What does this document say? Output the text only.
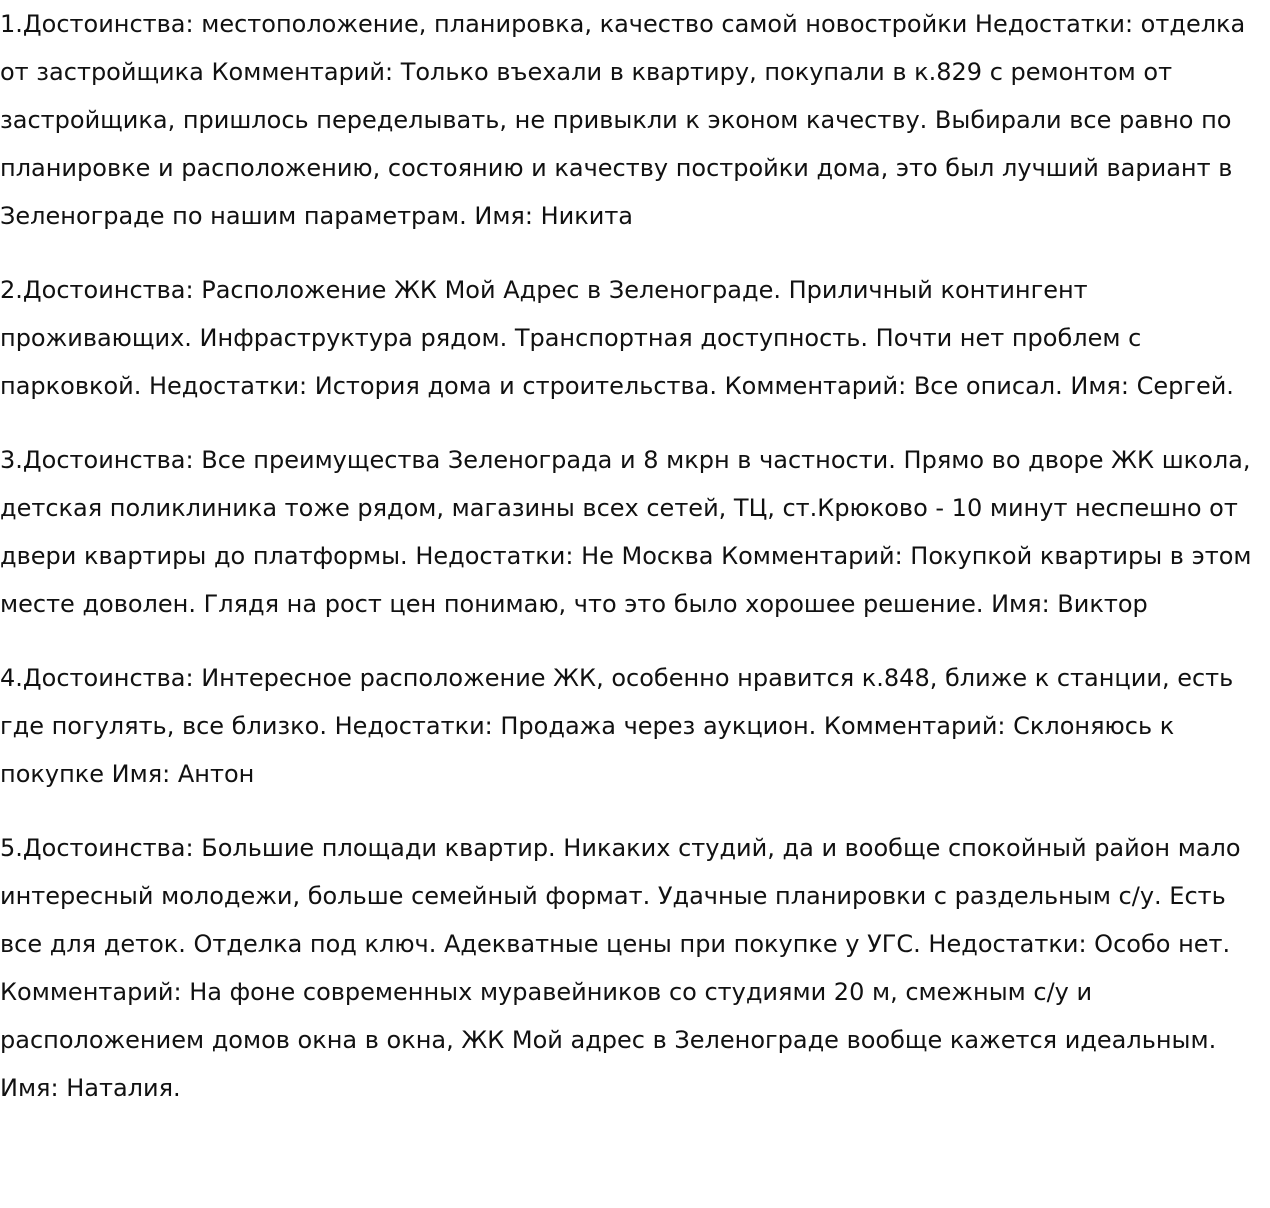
1.Достоинства: местоположение, планировка, качество самой новостройки Недостатки: отделка от застройщика Комментарий: Только въехали в квартиру, покупали в к.829 с ремонтом от застройщика, пришлось переделывать, не привыкли к эконом качеству. Выбирали все равно по планировке и расположению, состоянию и качеству постройки дома, это был лучший вариант в Зеленограде по нашим параметрам. Имя: Никита

2.Достоинства: Расположение ЖК Мой Адрес в Зеленограде. Приличный контингент проживающих. Инфраструктура рядом. Транспортная доступность. Почти нет проблем с парковкой. Недостатки: История дома и строительства. Комментарий: Все описал. Имя: Сергей.

3.Достоинства: Все преимущества Зеленограда и 8 мкрн в частности. Прямо во дворе ЖК школа, детская поликлиника тоже рядом, магазины всех сетей, ТЦ, ст.Крюково - 10 минут неспешно от двери квартиры до платформы. Недостатки: Не Москва Комментарий: Покупкой квартиры в этом месте доволен. Глядя на рост цен понимаю, что это было хорошее решение. Имя: Виктор

4.Достоинства: Интересное расположение ЖК, особенно нравится к.848, ближе к станции, есть где погулять, все близко. Недостатки: Продажа через аукцион. Комментарий: Склоняюсь к покупке Имя: Антон

5.Достоинства: Большие площади квартир. Никаких студий, да и вообще спокойный район мало интересный молодежи, больше семейный формат. Удачные планировки с раздельным с/у. Есть все для деток. Отделка под ключ. Адекватные цены при покупке у УГС. Недостатки: Особо нет. Комментарий: На фоне современных муравейников со студиями 20 м, смежным с/у и расположением домов окна в окна, ЖК Мой адрес в Зеленограде вообще кажется идеальным. Имя: Наталия.
